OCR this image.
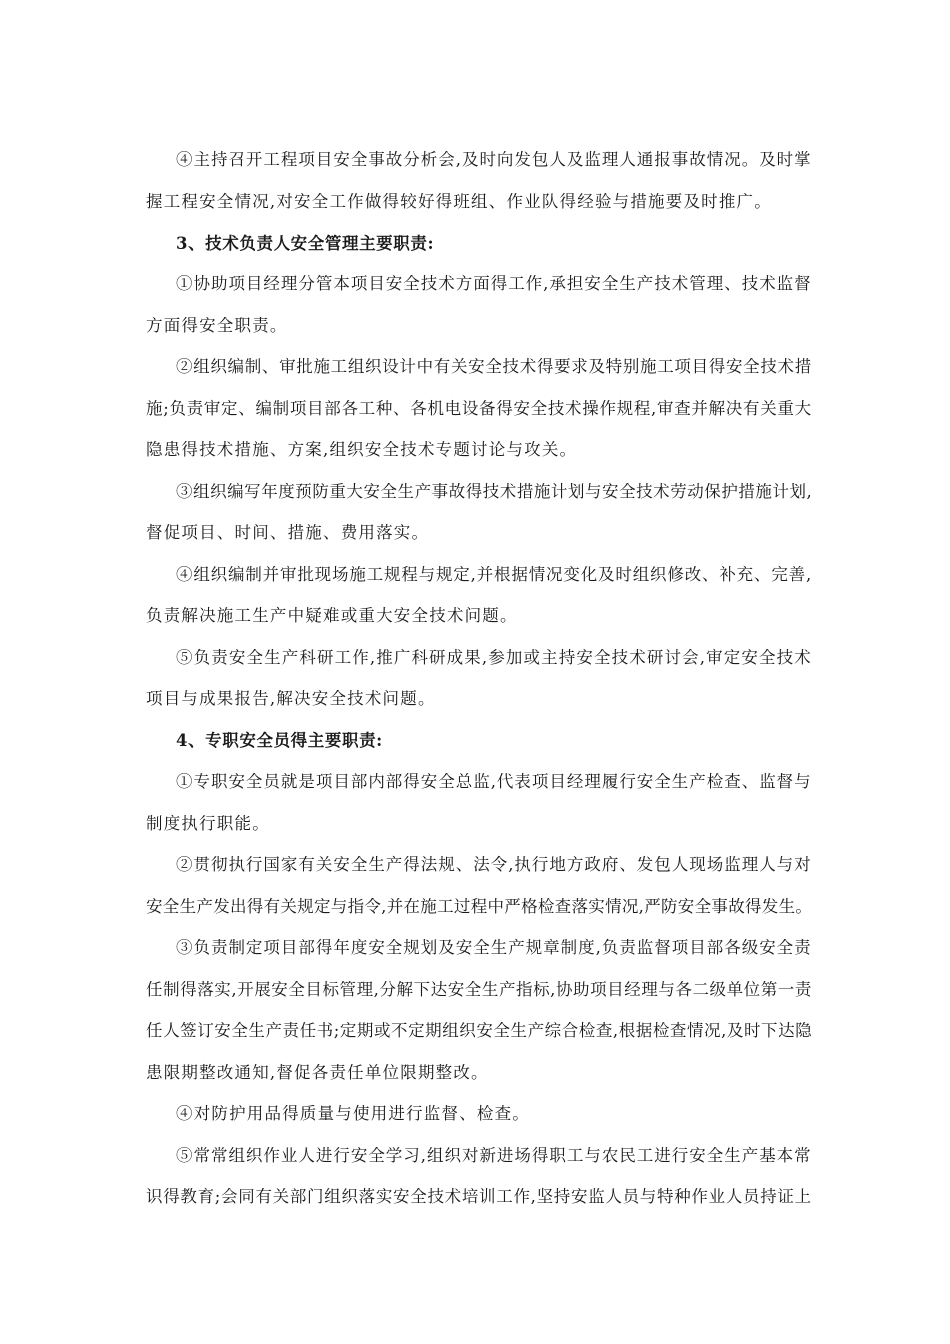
④主持召开工程项目安全事故分析会,及时向发包人及监理人通报事故情况。及时掌
握工程安全情况,对安全工作做得较好得班组、作业队得经验与措施要及时推广。
3、技术负责人安全管理主要职责:
①协助项目经理分管本项目安全技术方面得工作,承担安全生产技术管理、技术监督
方面得安全职责。
②组织编制、审批施工组织设计中有关安全技术得要求及特别施工项目得安全技术措
施;负责审定、编制项目部各工种、各机电设备得安全技术操作规程,审查并解决有关重大
隐患得技术措施、方案,组织安全技术专题讨论与攻关。
③组织编写年度预防重大安全生产事故得技术措施计划与安全技术劳动保护措施计划,
督促项目、时间、措施、费用落实。
④组织编制并审批现场施工规程与规定,并根据情况变化及时组织修改、补充、完善,
负责解决施工生产中疑难或重大安全技术问题。
⑤负责安全生产科研工作,推广科研成果,参加或主持安全技术研讨会,审定安全技术
项目与成果报告,解决安全技术问题。
4、专职安全员得主要职责:
①专职安全员就是项目部内部得安全总监,代表项目经理履行安全生产检查、监督与
制度执行职能。
②贯彻执行国家有关安全生产得法规、法令,执行地方政府、发包人现场监理人与对
安全生产发出得有关规定与指令,并在施工过程中严格检查落实情况,严防安全事故得发生。
③负责制定项目部得年度安全规划及安全生产规章制度,负责监督项目部各级安全责
任制得落实,开展安全目标管理,分解下达安全生产指标,协助项目经理与各二级单位第一责
任人签订安全生产责任书;定期或不定期组织安全生产综合检查,根据检查情况,及时下达隐
患限期整改通知,督促各责任单位限期整改。
④对防护用品得质量与使用进行监督、检查。
⑤常常组织作业人进行安全学习,组织对新进场得职工与农民工进行安全生产基本常
识得教育;会同有关部门组织落实安全技术培训工作,坚持安监人员与特种作业人员持证上
